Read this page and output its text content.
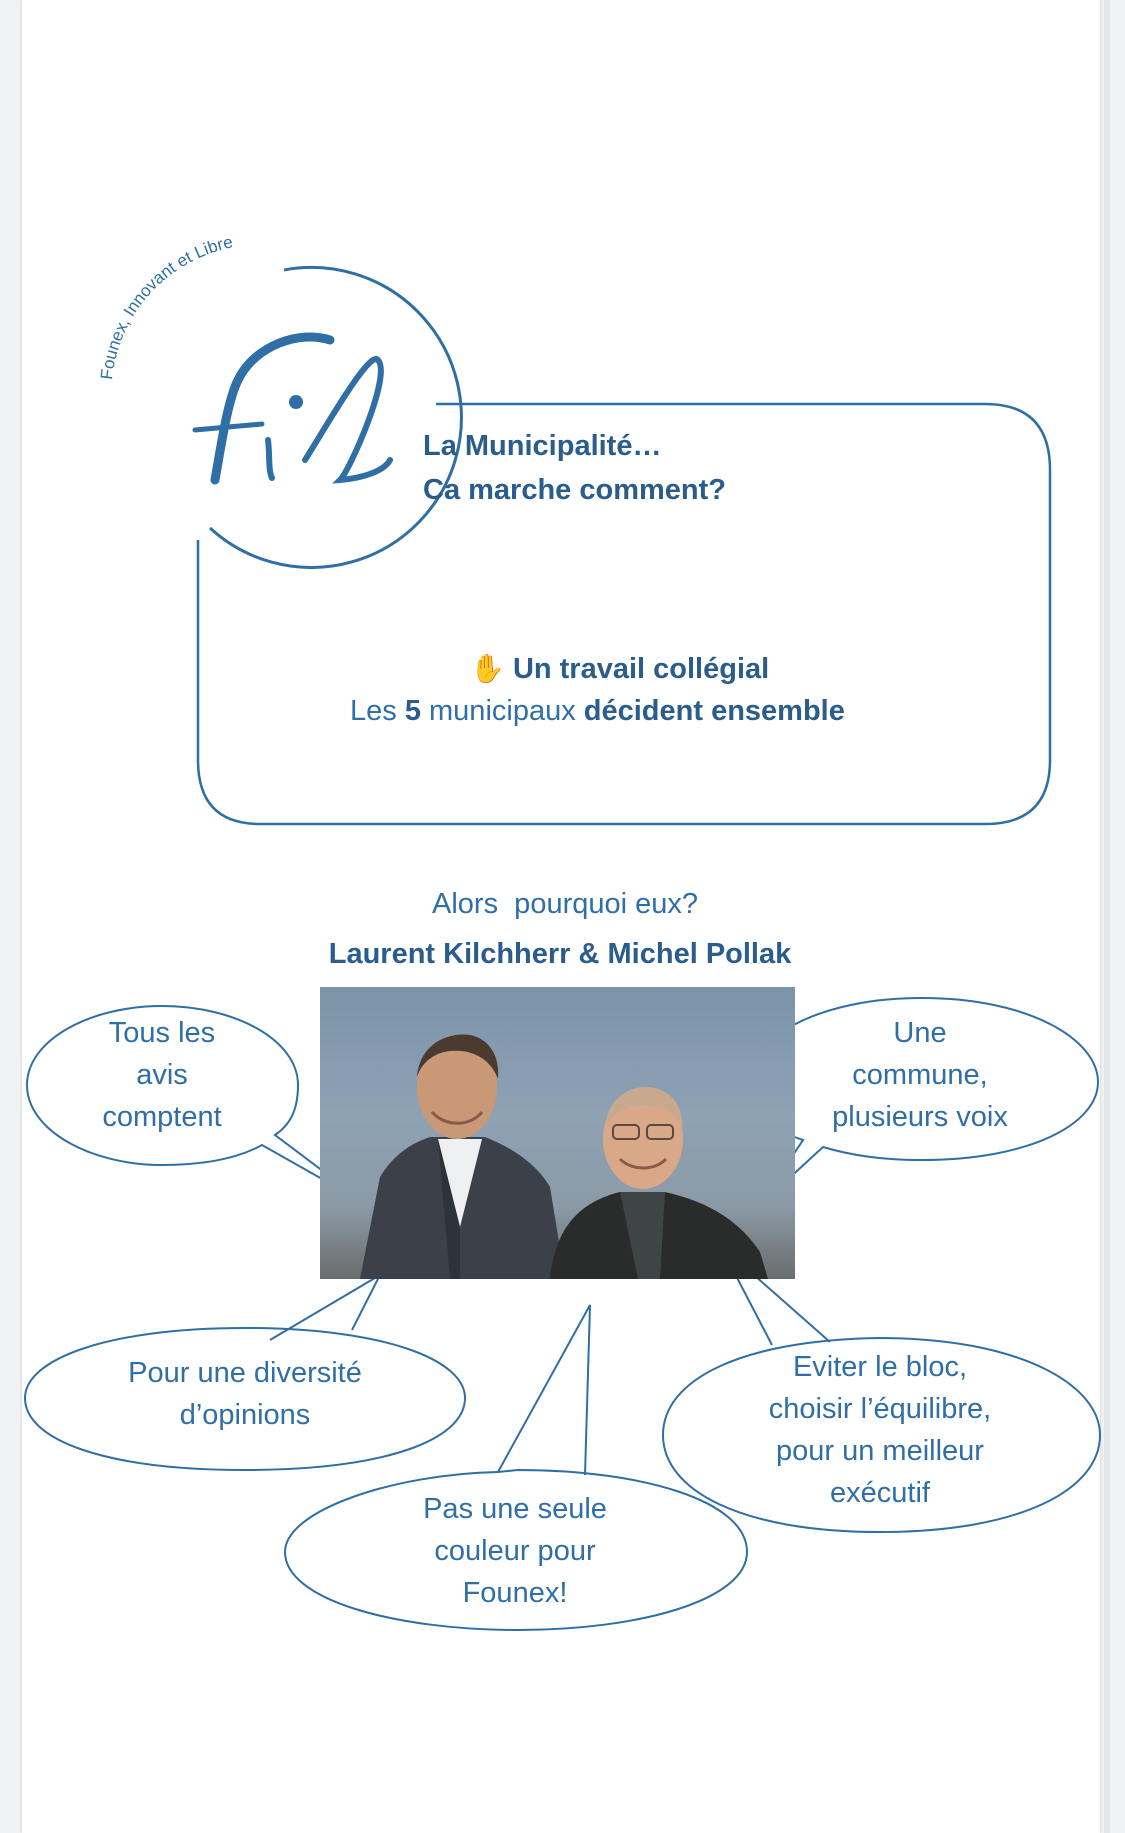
Founex, Innovant et Libre
La Municipalité…
Ca marche comment?
✋ Un travail collégial
Les 5 municipaux décident ensemble
Alors  pourquoi eux?
Laurent Kilchherr & Michel Pollak
Tous les
avis
comptent
Une
commune,
plusieurs voix
Pour une diversité
d’opinions
Pas une seule
couleur pour
Founex!
Eviter le bloc,
choisir l’équilibre,
pour un meilleur
exécutif
